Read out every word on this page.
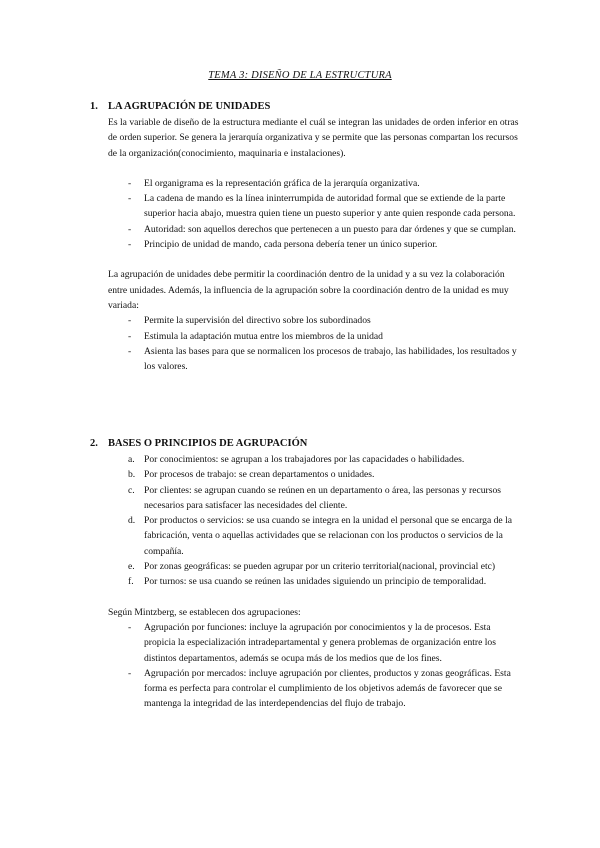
TEMA 3: DISEÑO DE LA ESTRUCTURA
1. LA AGRUPACIÓN DE UNIDADES
Es la variable de diseño de la estructura mediante el cuál se integran las unidades de orden inferior en otras de orden superior. Se genera la jerarquía organizativa y se permite que las personas compartan los recursos de la organización(conocimiento, maquinaria e instalaciones).
- El organigrama es la representación gráfica de la jerarquía organizativa.
- La cadena de mando es la línea ininterrumpida de autoridad formal que se extiende de la parte superior hacia abajo, muestra quien tiene un puesto superior y ante quien responde cada persona.
- Autoridad: son aquellos derechos que pertenecen a un puesto para dar órdenes y que se cumplan.
- Principio de unidad de mando, cada persona debería tener un único superior.
La agrupación de unidades debe permitir la coordinación dentro de la unidad y a su vez la colaboración entre unidades. Además, la influencia de la agrupación sobre la coordinación dentro de la unidad es muy variada:
- Permite la supervisión del directivo sobre los subordinados
- Estimula la adaptación mutua entre los miembros de la unidad
- Asienta las bases para que se normalicen los procesos de trabajo, las habilidades, los resultados y los valores.
2. BASES O PRINCIPIOS DE AGRUPACIÓN
a. Por conocimientos: se agrupan a los trabajadores por las capacidades o habilidades.
b. Por procesos de trabajo: se crean departamentos o unidades.
c. Por clientes: se agrupan cuando se reúnen en un departamento o área, las personas y recursos necesarios para satisfacer las necesidades del cliente.
d. Por productos o servicios: se usa cuando se integra en la unidad el personal que se encarga de la fabricación, venta o aquellas actividades que se relacionan con los productos o servicios de la compañía.
e. Por zonas geográficas: se pueden agrupar por un criterio territorial(nacional, provincial etc)
f. Por turnos: se usa cuando se reúnen las unidades siguiendo un principio de temporalidad.
Según Mintzberg, se establecen dos agrupaciones:
- Agrupación por funciones: incluye la agrupación por conocimientos y la de procesos. Esta propicia la especialización intradepartamental y genera problemas de organización entre los distintos departamentos, además se ocupa más de los medios que de los fines.
- Agrupación por mercados: incluye agrupación por clientes, productos y zonas geográficas. Esta forma es perfecta para controlar el cumplimiento de los objetivos además de favorecer que se mantenga la integridad de las interdependencias del flujo de trabajo.
